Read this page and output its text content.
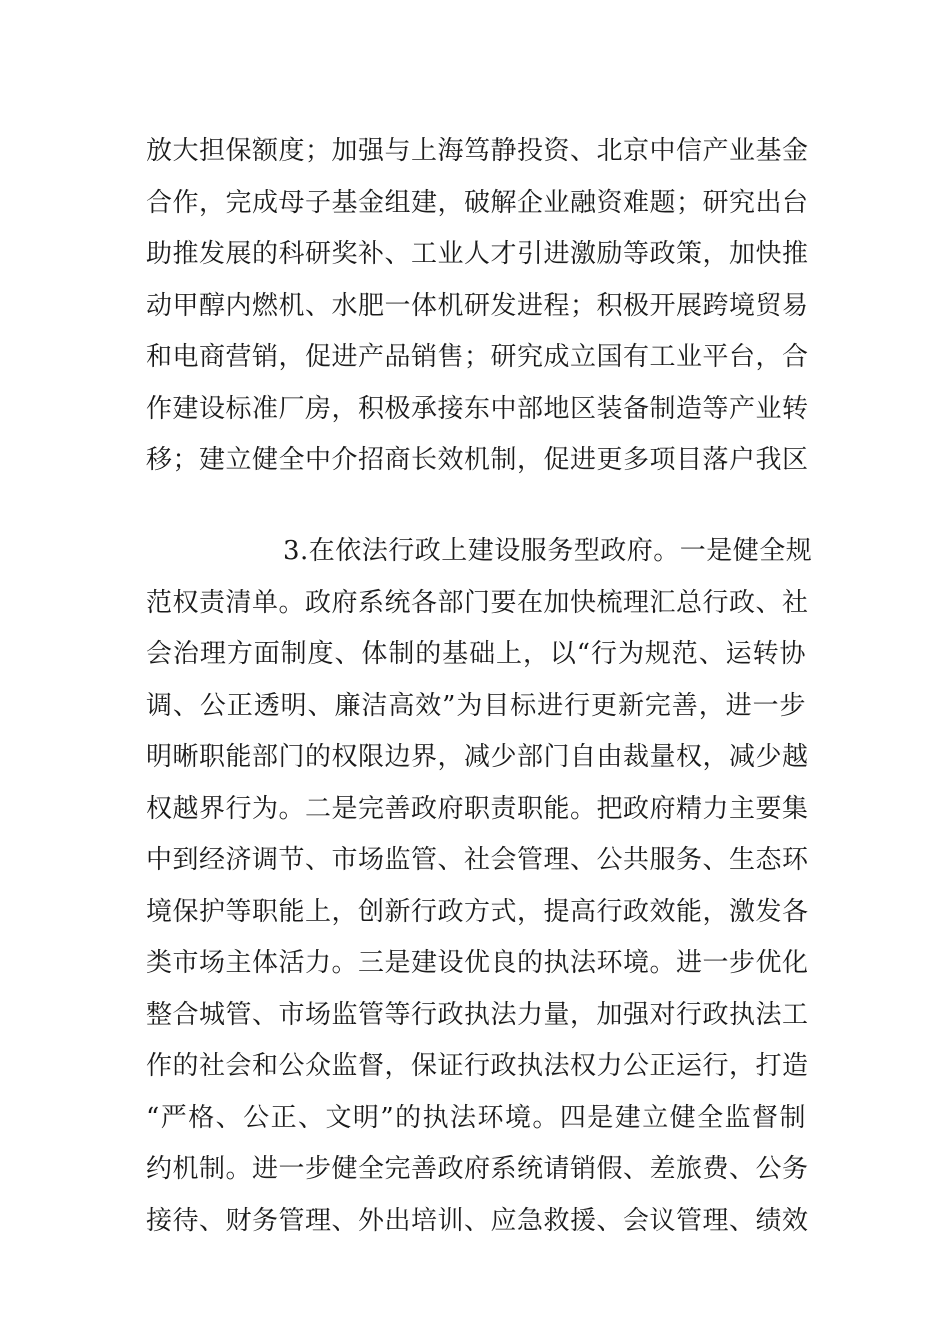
放大担保额度；加强与上海笃静投资、北京中信产业基金
合作，完成母子基金组建，破解企业融资难题；研究出台
助推发展的科研奖补、工业人才引进激励等政策，加快推
动甲醇内燃机、水肥一体机研发进程；积极开展跨境贸易
和电商营销，促进产品销售；研究成立国有工业平台，合
作建设标准厂房，积极承接东中部地区装备制造等产业转
移；建立健全中介招商长效机制，促进更多项目落户我区
3.在依法行政上建设服务型政府。一是健全规
范权责清单。政府系统各部门要在加快梳理汇总行政、社
会治理方面制度、体制的基础上，以“行为规范、运转协
调、公正透明、廉洁高效”为目标进行更新完善，进一步
明晰职能部门的权限边界，减少部门自由裁量权，减少越
权越界行为。二是完善政府职责职能。把政府精力主要集
中到经济调节、市场监管、社会管理、公共服务、生态环
境保护等职能上，创新行政方式，提高行政效能，激发各
类市场主体活力。三是建设优良的执法环境。进一步优化
整合城管、市场监管等行政执法力量，加强对行政执法工
作的社会和公众监督，保证行政执法权力公正运行，打造
“严格、公正、文明”的执法环境。四是建立健全监督制
约机制。进一步健全完善政府系统请销假、差旅费、公务
接待、财务管理、外出培训、应急救援、会议管理、绩效
